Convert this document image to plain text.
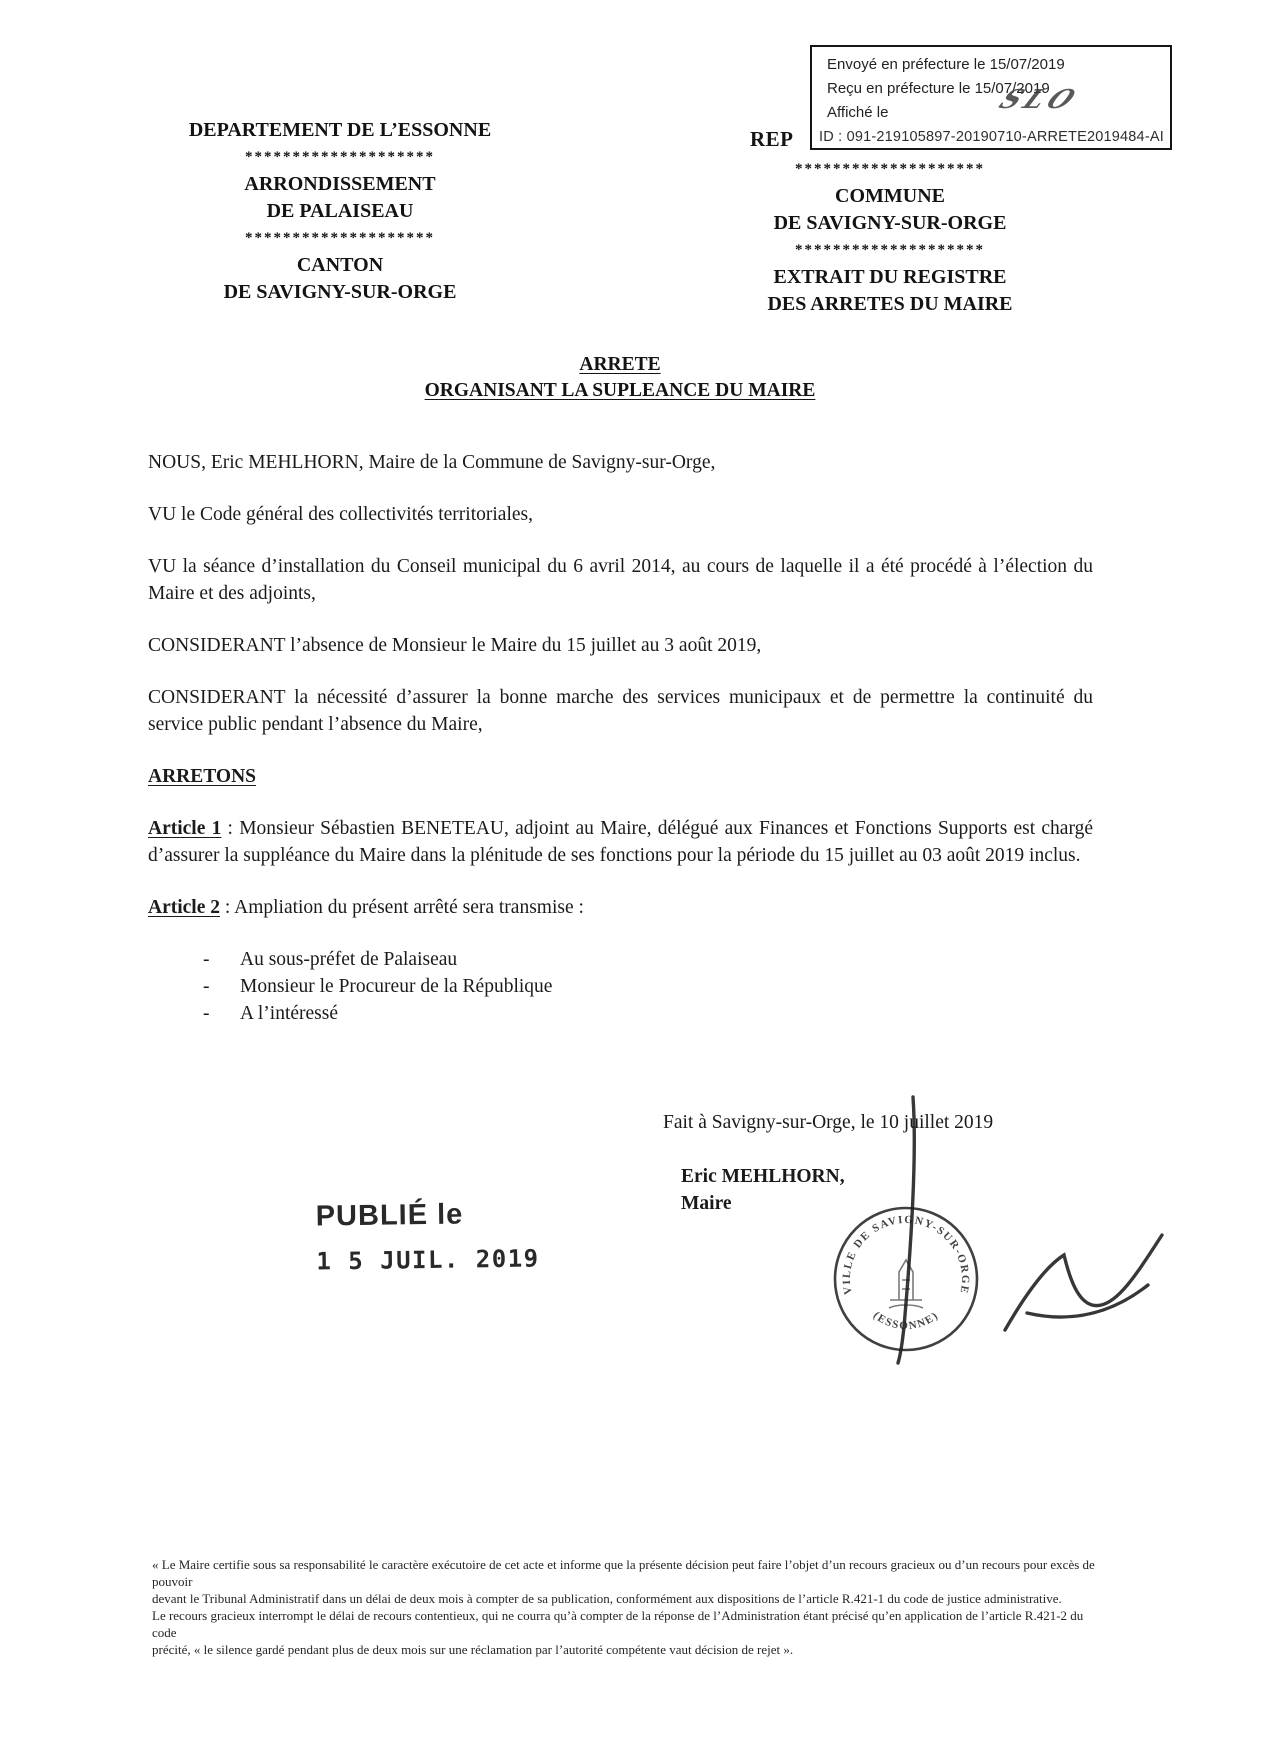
REP
Envoyé en préfecture le 15/07/2019
Reçu en préfecture le 15/07/2019
Affiché le	SLO
ID : 091-219105897-20190710-ARRETE2019484-AI
DEPARTEMENT DE L’ESSONNE
********************
ARRONDISSEMENT
DE PALAISEAU
********************
CANTON
DE SAVIGNY-SUR-ORGE
********************
COMMUNE
DE SAVIGNY-SUR-ORGE
********************
EXTRAIT DU REGISTRE
DES ARRETES DU MAIRE
ARRETE
ORGANISANT LA SUPLEANCE DU MAIRE

NOUS, Eric MEHLHORN, Maire de la Commune de Savigny-sur-Orge,

VU le Code général des collectivités territoriales,

VU la séance d’installation du Conseil municipal du 6 avril 2014, au cours de laquelle il a été procédé à l’élection du Maire et des adjoints,

CONSIDERANT l’absence de Monsieur le Maire du 15 juillet au 3 août 2019,

CONSIDERANT la nécessité d’assurer la bonne marche des services municipaux et de permettre la continuité du service public pendant l’absence du Maire,

ARRETONS

Article 1 : Monsieur Sébastien BENETEAU, adjoint au Maire, délégué aux Finances et Fonctions Supports est chargé d’assurer la suppléance du Maire dans la plénitude de ses fonctions pour la période du 15 juillet au 03 août 2019 inclus.

Article 2 : Ampliation du présent arrêté sera transmise :

- Au sous-préfet de Palaiseau
- Monsieur le Procureur de la République
- A l’intéressé
Fait à Savigny-sur-Orge, le 10 juillet 2019
Eric MEHLHORN,
Maire
VILLE DE SAVIGNY-SUR-ORGE
(ESSONNE)
PUBLIÉ le
1 5 JUIL. 2019
« Le Maire certifie sous sa responsabilité le caractère exécutoire de cet acte et informe que la présente décision peut faire l’objet d’un recours gracieux ou d’un recours pour excès de pouvoir
devant le Tribunal Administratif dans un délai de deux mois à compter de sa publication, conformément aux dispositions de l’article R.421-1 du code de justice administrative.
Le recours gracieux interrompt le délai de recours contentieux, qui ne courra qu’à compter de la réponse de l’Administration étant précisé qu’en application de l’article R.421-2 du code
précité, « le silence gardé pendant plus de deux mois sur une réclamation par l’autorité compétente vaut décision de rejet ».
